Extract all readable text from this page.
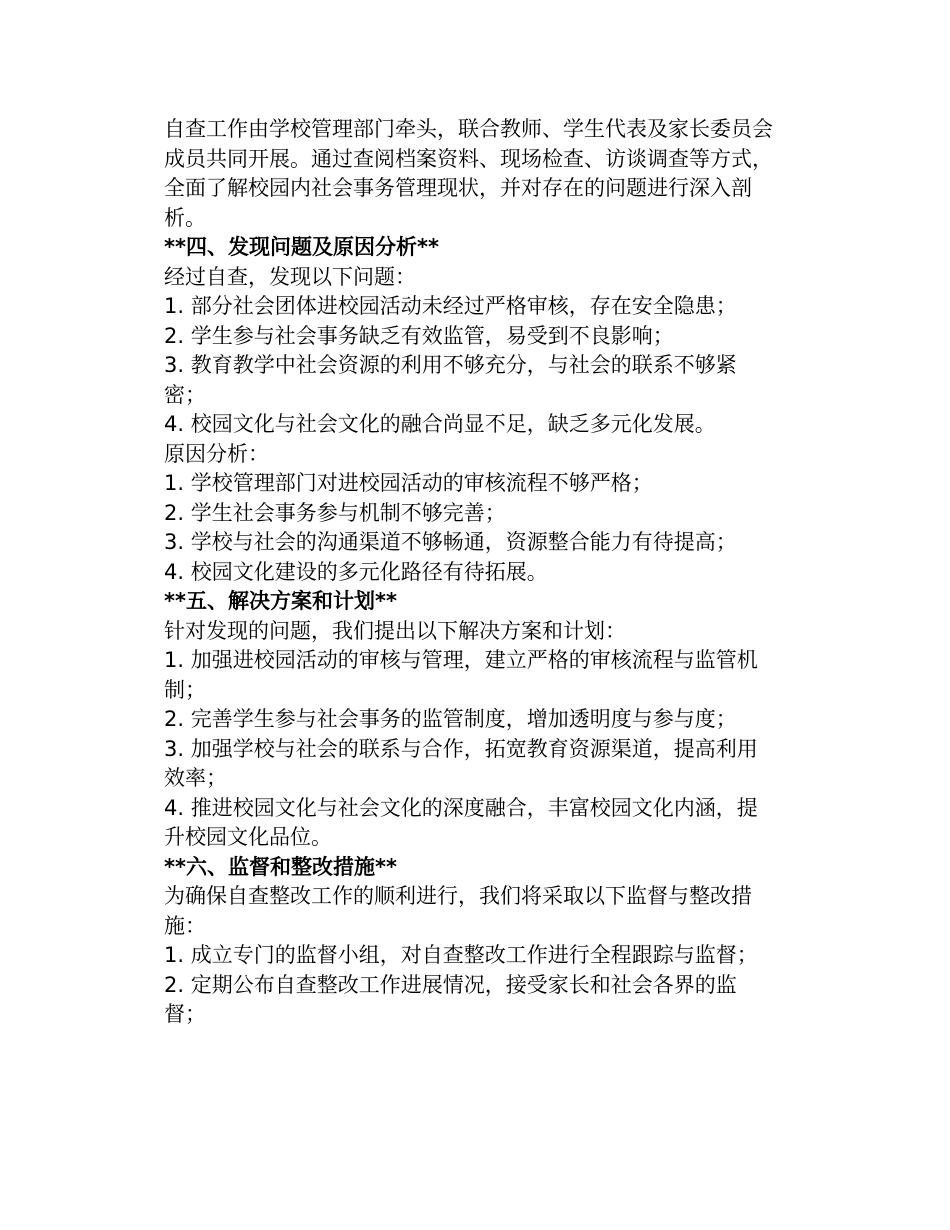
自查工作由学校管理部门牵头，联合教师、学生代表及家长委员会成员共同开展。通过查阅档案资料、现场检查、访谈调查等方式，全面了解校园内社会事务管理现状，并对存在的问题进行深入剖析。

**四、发现问题及原因分析**

经过自查，发现以下问题：

1. 部分社会团体进校园活动未经过严格审核，存在安全隐患；

2. 学生参与社会事务缺乏有效监管，易受到不良影响；

3. 教育教学中社会资源的利用不够充分，与社会的联系不够紧密；

4. 校园文化与社会文化的融合尚显不足，缺乏多元化发展。

原因分析：

1. 学校管理部门对进校园活动的审核流程不够严格；

2. 学生社会事务参与机制不够完善；

3. 学校与社会的沟通渠道不够畅通，资源整合能力有待提高；

4. 校园文化建设的多元化路径有待拓展。

**五、解决方案和计划**

针对发现的问题，我们提出以下解决方案和计划：

1. 加强进校园活动的审核与管理，建立严格的审核流程与监管机制；

2. 完善学生参与社会事务的监管制度，增加透明度与参与度；

3. 加强学校与社会的联系与合作，拓宽教育资源渠道，提高利用效率；

4. 推进校园文化与社会文化的深度融合，丰富校园文化内涵，提升校园文化品位。

**六、监督和整改措施**

为确保自查整改工作的顺利进行，我们将采取以下监督与整改措施：

1. 成立专门的监督小组，对自查整改工作进行全程跟踪与监督；

2. 定期公布自查整改工作进展情况，接受家长和社会各界的监督；
